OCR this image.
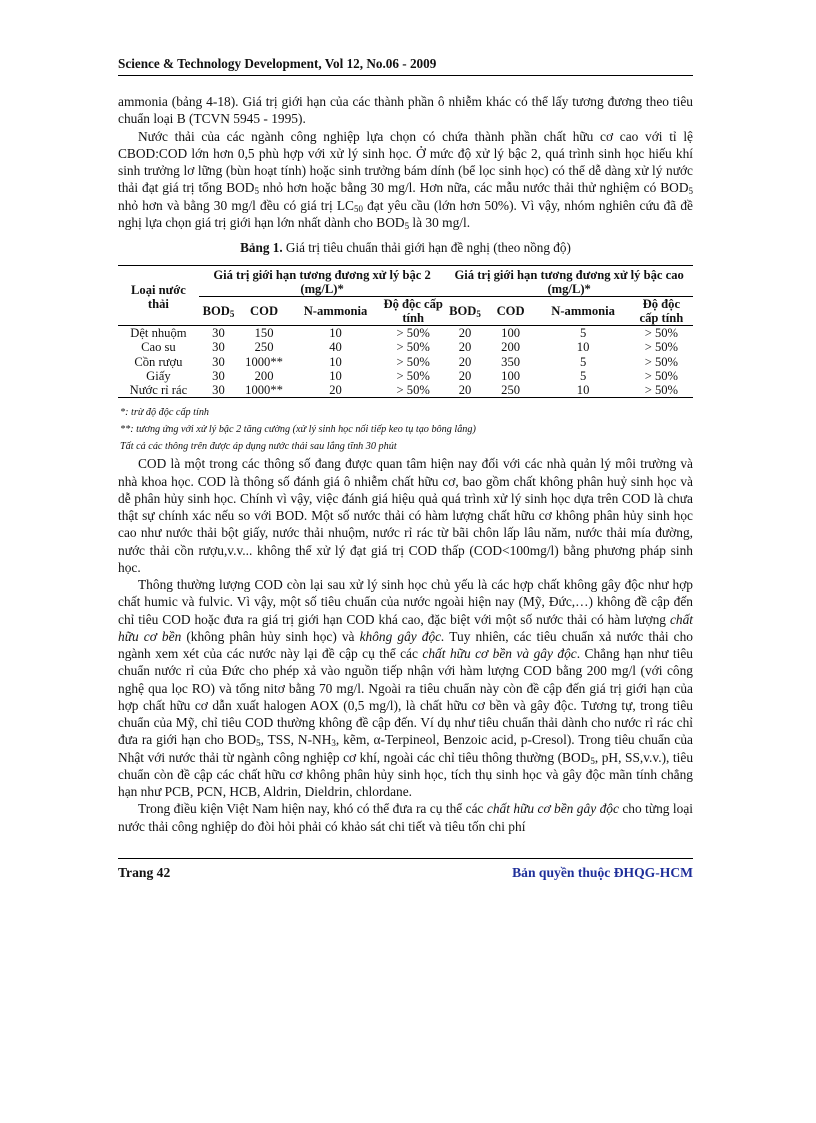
Science & Technology Development, Vol 12, No.06 - 2009

ammonia (bảng 4-18). Giá trị giới hạn của các thành phần ô nhiễm khác có thể lấy tương đương theo tiêu chuẩn loại B (TCVN 5945 - 1995).

Nước thải của các ngành công nghiệp lựa chọn có chứa thành phần chất hữu cơ cao với tỉ lệ CBOD:COD lớn hơn 0,5 phù hợp với xử lý sinh học. Ở mức độ xử lý bậc 2, quá trình sinh học hiếu khí sinh trưởng lơ lững (bùn hoạt tính) hoặc sinh trưởng bám dính (bể lọc sinh học) có thể dễ dàng xử lý nước thải đạt giá trị tổng $BOD_5$ nhỏ hơn hoặc bằng 30 mg/l. Hơn nữa, các mẫu nước thải thử nghiệm có $BOD_5$ nhỏ hơn và bằng 30 mg/l đều có giá trị $LC_{50}$ đạt yêu cầu (lớn hơn 50%). Vì vậy, nhóm nghiên cứu đã đề nghị lựa chọn giá trị giới hạn lớn nhất dành cho $BOD_5$ là 30 mg/l.

Bảng 1. Giá trị tiêu chuẩn thải giới hạn đề nghị (theo nồng độ)
Loại nước thải	Giá trị giới hạn tương đương xử lý bậc 2 (mg/L)*				Giá trị giới hạn tương đương xử lý bậc cao (mg/L)*			
	$BOD_5$	COD	N-ammonia	Độ độc cấp tính	$BOD_5$	COD	N-ammonia	Độ độc cấp tính
Dệt nhuộm	30	150	10	> 50%	20	100	5	> 50%
Cao su	30	250	40	> 50%	20	200	10	> 50%
Cồn rượu	30	1000**	10	> 50%	20	350	5	> 50%
Giấy	30	200	10	> 50%	20	100	5	> 50%
Nước rỉ rác	30	1000**	20	> 50%	20	250	10	> 50%
*: trừ độ độc cấp tính
**: tương ứng với xử lý bậc 2 tăng cường (xử lý sinh học nối tiếp keo tụ tạo bông lắng)
Tất cả các thông trên được áp dụng nước thải sau lắng tĩnh 30 phút

COD là một trong các thông số đang được quan tâm hiện nay đối với các nhà quản lý môi trường và nhà khoa học. COD là thông số đánh giá ô nhiễm chất hữu cơ, bao gồm chất không phân huỷ sinh học và dễ phân hủy sinh học. Chính vì vậy, việc đánh giá hiệu quả quá trình xử lý sinh học dựa trên COD là chưa thật sự chính xác nếu so với BOD. Một số nước thải có hàm lượng chất hữu cơ không phân hủy sinh học cao như nước thải bột giấy, nước thải nhuộm, nước rỉ rác từ bãi chôn lấp lâu năm, nước thải mía đường, nước thải cồn rượu,v.v... không thể xử lý đạt giá trị COD thấp (COD<100mg/l) bằng phương pháp sinh học.

Thông thường lượng COD còn lại sau xử lý sinh học chủ yếu là các hợp chất không gây độc như hợp chất humic và fulvic. Vì vậy, một số tiêu chuẩn của nước ngoài hiện nay (Mỹ, Đức,…) không đề cập đến chỉ tiêu COD hoặc đưa ra giá trị giới hạn COD khá cao, đặc biệt với một số nước thải có hàm lượng chất hữu cơ bền (không phân hủy sinh học) và không gây độc. Tuy nhiên, các tiêu chuẩn xả nước thải cho ngành xem xét của các nước này lại đề cập cụ thể các chất hữu cơ bền và gây độc. Chẳng hạn như tiêu chuẩn nước rỉ của Đức cho phép xả vào nguồn tiếp nhận với hàm lượng COD bằng 200 mg/l (với công nghệ qua lọc RO) và tổng nitơ bằng 70 mg/l. Ngoài ra tiêu chuẩn này còn đề cập đến giá trị giới hạn của hợp chất hữu cơ dẫn xuất halogen AOX (0,5 mg/l), là chất hữu cơ bền và gây độc. Tương tự, trong tiêu chuẩn của Mỹ, chỉ tiêu COD thường không đề cập đến. Ví dụ như tiêu chuẩn thải dành cho nước rỉ rác chỉ đưa ra giới hạn cho $BOD_5$, TSS, $N-NH_3$, kẽm, α-Terpineol, Benzoic acid, p-Cresol). Trong tiêu chuẩn của Nhật với nước thải từ ngành công nghiệp cơ khí, ngoài các chỉ tiêu thông thường ($BOD_5$, pH, SS,v.v.), tiêu chuẩn còn đề cập các chất hữu cơ không phân hủy sinh học, tích thụ sinh học và gây độc mãn tính chẳng hạn như PCB, PCN, HCB, Aldrin, Dieldrin, chlordane.

Trong điều kiện Việt Nam hiện nay, khó có thể đưa ra cụ thể các chất hữu cơ bền gây độc cho từng loại nước thải công nghiệp do đòi hỏi phải có khảo sát chi tiết và tiêu tốn chi phí

Trang 42	Bản quyền thuộc ĐHQG-HCM
